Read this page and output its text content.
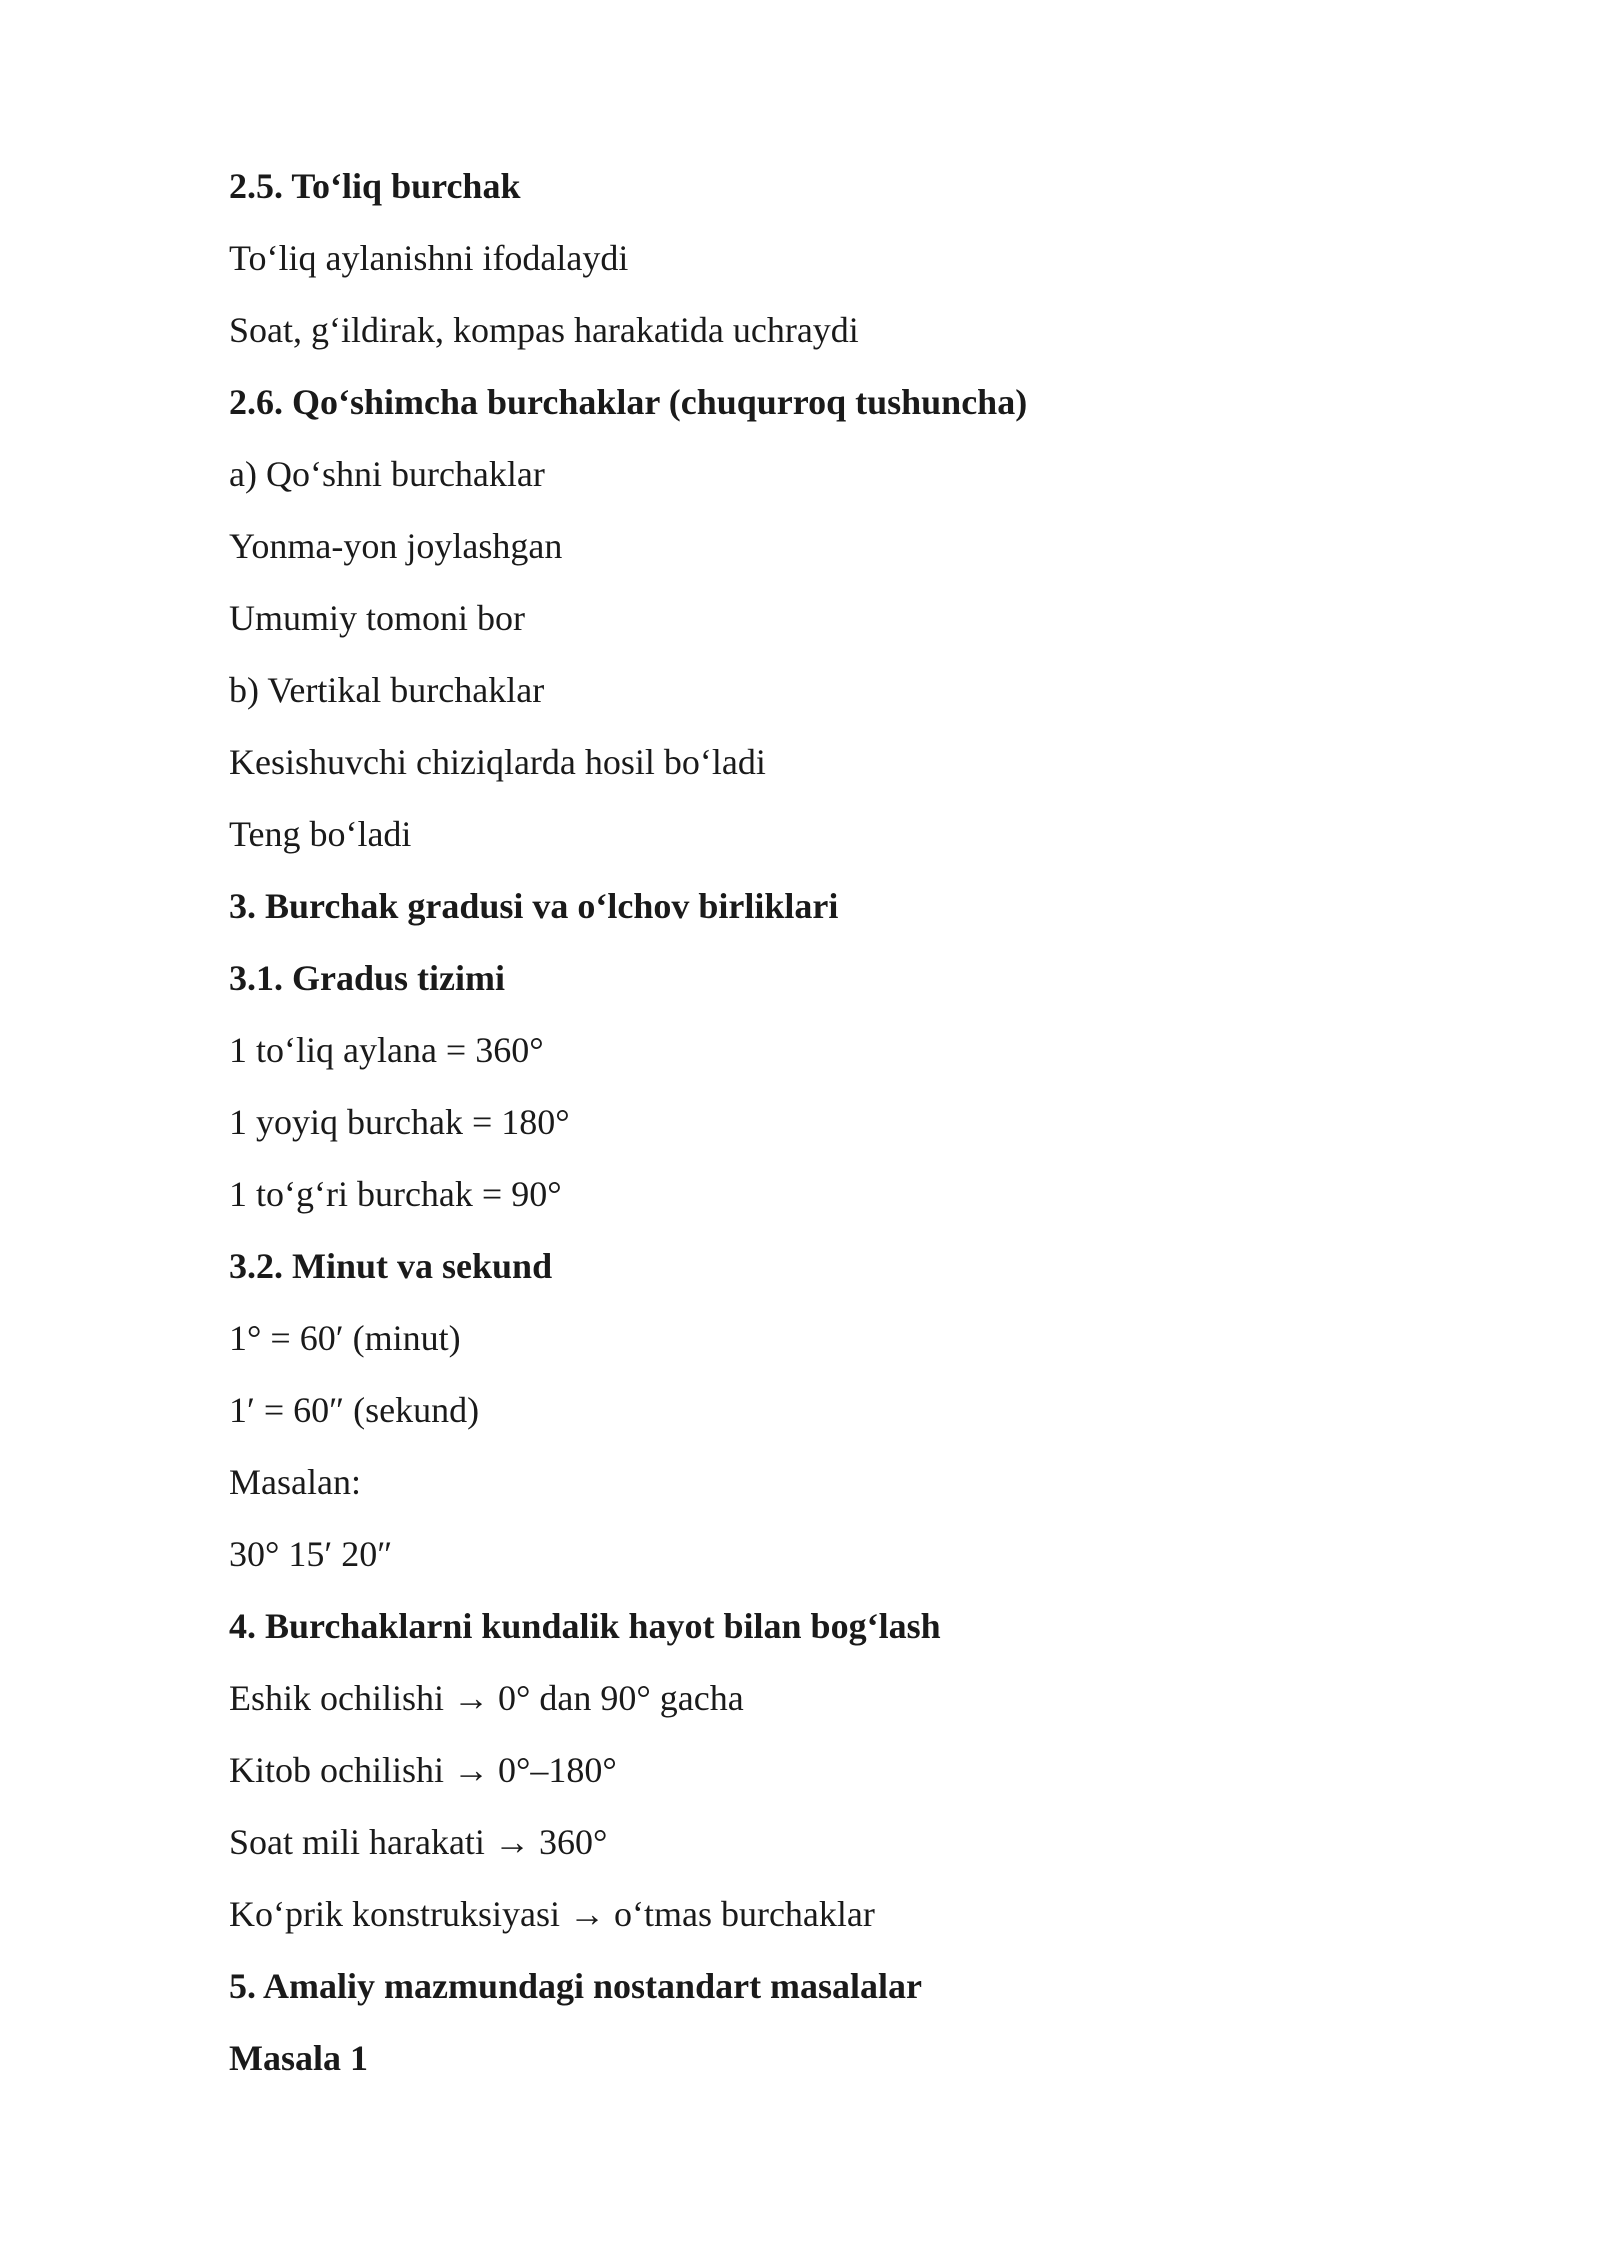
2.5. To‘liq burchak
To‘liq aylanishni ifodalaydi
Soat, g‘ildirak, kompas harakatida uchraydi
2.6. Qo‘shimcha burchaklar (chuqurroq tushuncha)
a) Qo‘shni burchaklar
Yonma-yon joylashgan
Umumiy tomoni bor
b) Vertikal burchaklar
Kesishuvchi chiziqlarda hosil bo‘ladi
Teng bo‘ladi
3. Burchak gradusi va o‘lchov birliklari
3.1. Gradus tizimi
1 to‘liq aylana = 360°
1 yoyiq burchak = 180°
1 to‘g‘ri burchak = 90°
3.2. Minut va sekund
1° = 60′ (minut)
1′ = 60″ (sekund)
Masalan:
30° 15′ 20″
4. Burchaklarni kundalik hayot bilan bog‘lash
Eshik ochilishi → 0° dan 90° gacha
Kitob ochilishi → 0°–180°
Soat mili harakati → 360°
Ko‘prik konstruksiyasi → o‘tmas burchaklar
5. Amaliy mazmundagi nostandart masalalar
Masala 1
